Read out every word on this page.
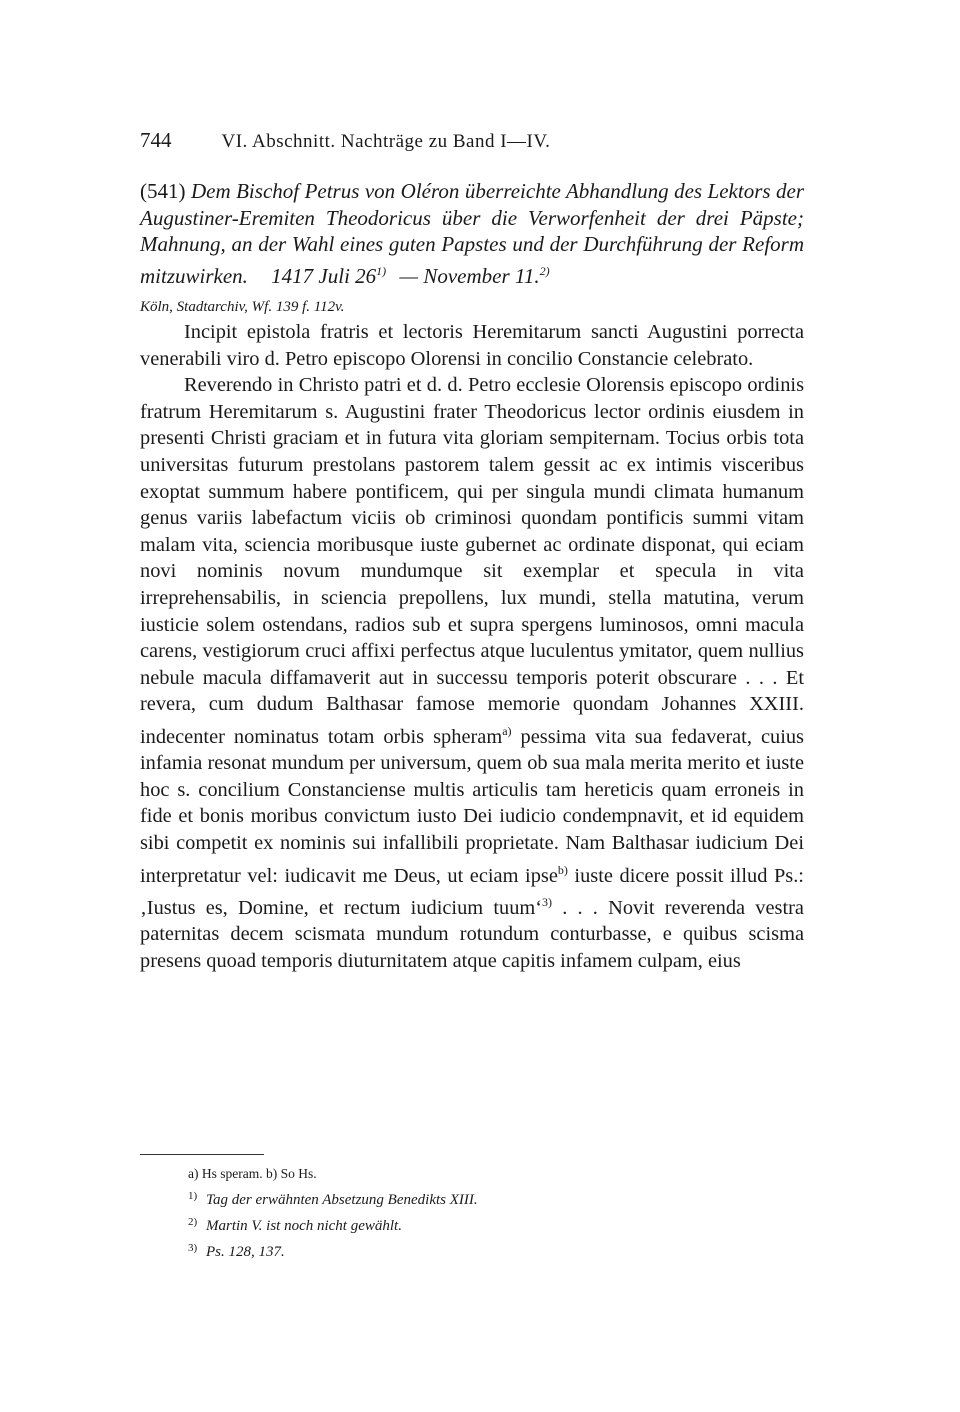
744	VI. Abschnitt. Nachträge zu Band I—IV.
(541) Dem Bischof Petrus von Oléron überreichte Abhandlung des Lektors der Augustiner-Eremiten Theodoricus über die Verworfenheit der drei Päpste; Mahnung, an der Wahl eines guten Papstes und der Durchführung der Reform mitzuwirken. 1417 Juli 26$^{1)}$ — November 11.$^{2)}$
Köln, Stadtarchiv, Wf. 139 f. 112v.

Incipit epistola fratris et lectoris Heremitarum sancti Augustini porrecta venerabili viro d. Petro episcopo Olorensi in concilio Constancie celebrato.

Reverendo in Christo patri et d. d. Petro ecclesie Olorensis episcopo ordinis fratrum Heremitarum s. Augustini frater Theodoricus lector ordinis eiusdem in presenti Christi graciam et in futura vita gloriam sempiternam. Tocius orbis tota universitas futurum prestolans pastorem talem gessit ac ex intimis visceribus exoptat summum habere pontificem, qui per singula mundi climata humanum genus variis labefactum viciis ob criminosi quondam pontificis summi vitam malam vita, sciencia moribusque iuste gubernet ac ordinate disponat, qui eciam novi nominis novum mundumque sit exemplar et specula in vita irreprehensabilis, in sciencia prepollens, lux mundi, stella matutina, verum iusticie solem ostendans, radios sub et supra spergens luminosos, omni macula carens, vestigiorum cruci affixi perfectus atque luculentus ymitator, quem nullius nebule macula diffamaverit aut in successu temporis poterit obscurare . . . Et revera, cum dudum Balthasar famose memorie quondam Johannes XXIII. indecenter nominatus totam orbis spheram$^{a)}$ pessima vita sua fedaverat, cuius infamia resonat mundum per universum, quem ob sua mala merita merito et iuste hoc s. concilium Constanciense multis articulis tam hereticis quam erroneis in fide et bonis moribus convictum iusto Dei iudicio condempnavit, et id equidem sibi competit ex nominis sui infallibili proprietate. Nam Balthasar iudicium Dei interpretatur vel: iudicavit me Deus, ut eciam ipse$^{b)}$ iuste dicere possit illud Ps.: ‚Iustus es, Domine, et rectum iudicium tuum‘$^{3)}$ . . . Novit reverenda vestra paternitas decem scismata mundum rotundum conturbasse, e quibus scisma presens quoad temporis diuturnitatem atque capitis infamem culpam, eius

a) Hs speram. b) So Hs.
1) Tag der erwähnten Absetzung Benedikts XIII.
2) Martin V. ist noch nicht gewählt.
3) Ps. 128, 137.
